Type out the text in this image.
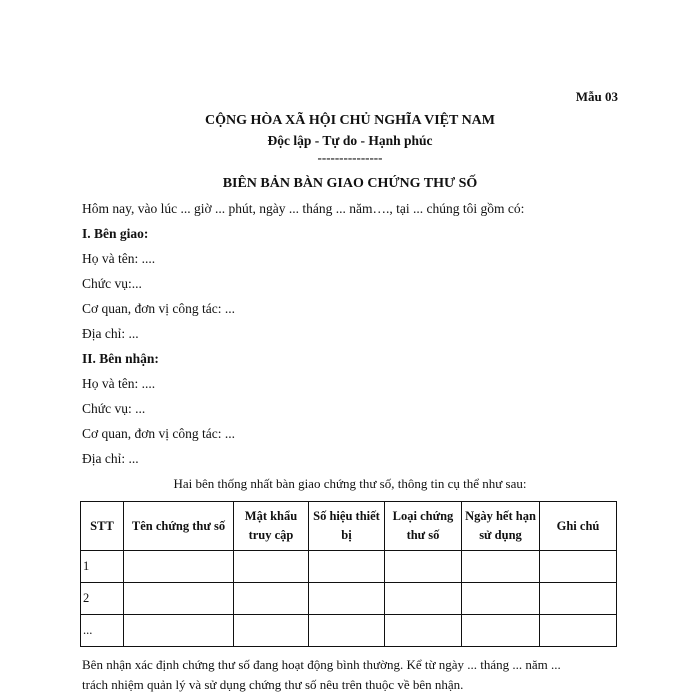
Mẫu 03
CỘNG HÒA XÃ HỘI CHỦ NGHĨA VIỆT NAM
Độc lập - Tự do - Hạnh phúc
---------------
BIÊN BẢN BÀN GIAO CHỨNG THƯ SỐ
Hôm nay, vào lúc ... giờ ... phút, ngày ... tháng ... năm…., tại ... chúng tôi gồm có:
I. Bên giao:
Họ và tên: ....
Chức vụ:...
Cơ quan, đơn vị công tác: ...
Địa chỉ: ...
II. Bên nhận:
Họ và tên: ....
Chức vụ: ...
Cơ quan, đơn vị công tác: ...
Địa chỉ: ...
Hai bên thống nhất bàn giao chứng thư số, thông tin cụ thể như sau:
STT	Tên chứng thư số	Mật khẩu truy cập	Số hiệu thiết bị	Loại chứng thư số	Ngày hết hạn sử dụng	Ghi chú
1						
2						
...						
Bên nhận xác định chứng thư số đang hoạt động bình thường. Kể từ ngày ... tháng ... năm ...
trách nhiệm quản lý và sử dụng chứng thư số nêu trên thuộc về bên nhận.
